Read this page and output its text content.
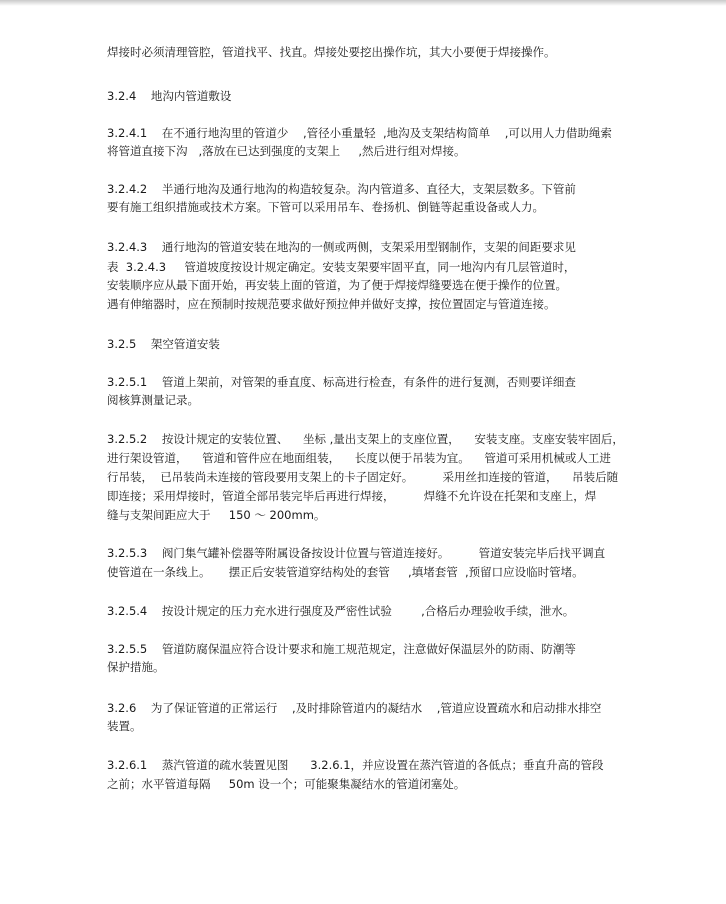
焊接时必须清理管腔，管道找平、找直。焊接处要挖出操作坑，其大小要便于焊接操作。

3.2.4    地沟内管道敷设

3.2.4.1    在不通行地沟里的管道少    ,管径小重量轻  ,地沟及支架结构简单    ,可以用人力借助绳索

将管道直接下沟   ,落放在已达到强度的支架上     ,然后进行组对焊接。

3.2.4.2    半通行地沟及通行地沟的构造较复杂。沟内管道多、直径大，支架层数多。下管前

要有施工组织措施或技术方案。下管可以采用吊车、卷扬机、倒链等起重设备或人力。

3.2.4.3    通行地沟的管道安装在地沟的一侧或两侧，支架采用型钢制作，支架的间距要求见

表  3.2.4.3     管道坡度按设计规定确定。安装支架要牢固平直，同一地沟内有几层管道时，

安装顺序应从最下面开始，再安装上面的管道，为了便于焊接焊缝要选在便于操作的位置。

遇有伸缩器时，应在预制时按规范要求做好预拉伸并做好支撑，按位置固定与管道连接。

3.2.5    架空管道安装

3.2.5.1    管道上架前，对管架的垂直度、标高进行检查，有条件的进行复测，否则要详细查

阅核算测量记录。

3.2.5.2    按设计规定的安装位置、    坐标 ,量出支架上的支座位置，    安装支座。支座安装牢固后，

进行架设管道，    管道和管件应在地面组装，    长度以便于吊装为宜。    管道可采用机械或人工进

行吊装，  已吊装尚未连接的管段要用支架上的卡子固定好。        采用丝扣连接的管道，    吊装后随

即连接；采用焊接时，管道全部吊装完毕后再进行焊接，        焊缝不允许设在托架和支座上，焊

缝与支架间距应大于     150 ～ 200mm。

3.2.5.3    阀门集气罐补偿器等附属设备按设计位置与管道连接好。        管道安装完毕后找平调直

使管道在一条线上。     摆正后安装管道穿结构处的套管     ,填堵套管  ,预留口应设临时管堵。

3.2.5.4    按设计规定的压力充水进行强度及严密性试验        ,合格后办理验收手续，泄水。

3.2.5.5    管道防腐保温应符合设计要求和施工规范规定，注意做好保温层外的防雨、防潮等

保护措施。

3.2.6    为了保证管道的正常运行    ,及时排除管道内的凝结水    ,管道应设置疏水和启动排水排空

装置。

3.2.6.1    蒸汽管道的疏水装置见图      3.2.6.1，并应设置在蒸汽管道的各低点；垂直升高的管段

之前；水平管道每隔     50m 设一个；可能聚集凝结水的管道闭塞处。
